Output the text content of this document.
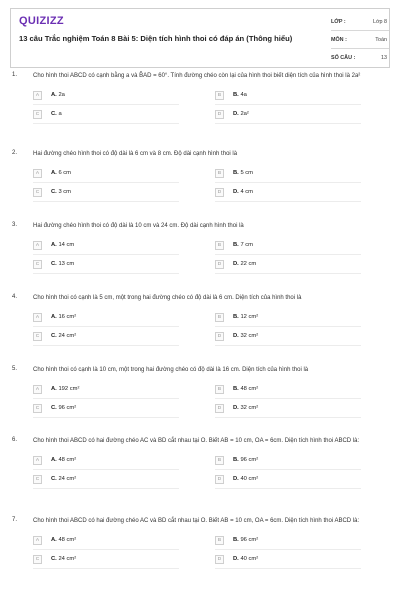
QUIZIZZ
13 câu Trắc nghiệm Toán 8 Bài 5: Diện tích hình thoi có đáp án (Thông hiểu)
LỚP :	Lớp 8
MÔN :	Toán
SỐ CÂU :	13
1.	Cho hình thoi ABCD có cạnh bằng a và B̂AD = 60°. Tính đường chéo còn lại của hình thoi biết diện tích của hình thoi là 2a²
A	A. 2a	B	B. 4a
C	C. a	D	D. 2a²
2.	Hai đường chéo hình thoi có độ dài là 6 cm và 8 cm. Độ dài cạnh hình thoi là
A	A. 6 cm	B	B. 5 cm
C	C. 3 cm	D	D. 4 cm
3.	Hai đường chéo hình thoi có độ dài là 10 cm và 24 cm. Độ dài cạnh hình thoi là
A	A. 14 cm	B	B. 7 cm
C	C. 13 cm	D	D. 22 cm
4.	Cho hình thoi có cạnh là 5 cm, một trong hai đường chéo có độ dài là 6 cm. Diện tích của hình thoi là
A	A. 16 cm²	B	B. 12 cm²
C	C. 24 cm²	D	D. 32 cm²
5.	Cho hình thoi có cạnh là 10 cm, một trong hai đường chéo có độ dài là 16 cm. Diện tích của hình thoi là
A	A. 192 cm²	B	B. 48 cm²
C	C. 96 cm²	D	D. 32 cm²
6.	Cho hình thoi ABCD có hai đường chéo AC và BD cắt nhau tại O. Biết AB = 10 cm, OA = 6cm. Diện tích hình thoi ABCD là:
A	A. 48 cm²	B	B. 96 cm²
C	C. 24 cm²	D	D. 40 cm²
7.	Cho hình thoi ABCD có hai đường chéo AC và BD cắt nhau tại O. Biết AB = 10 cm, OA = 6cm. Diện tích hình thoi ABCD là:
A	A. 48 cm²	B	B. 96 cm²
C	C. 24 cm²	D	D. 40 cm²
